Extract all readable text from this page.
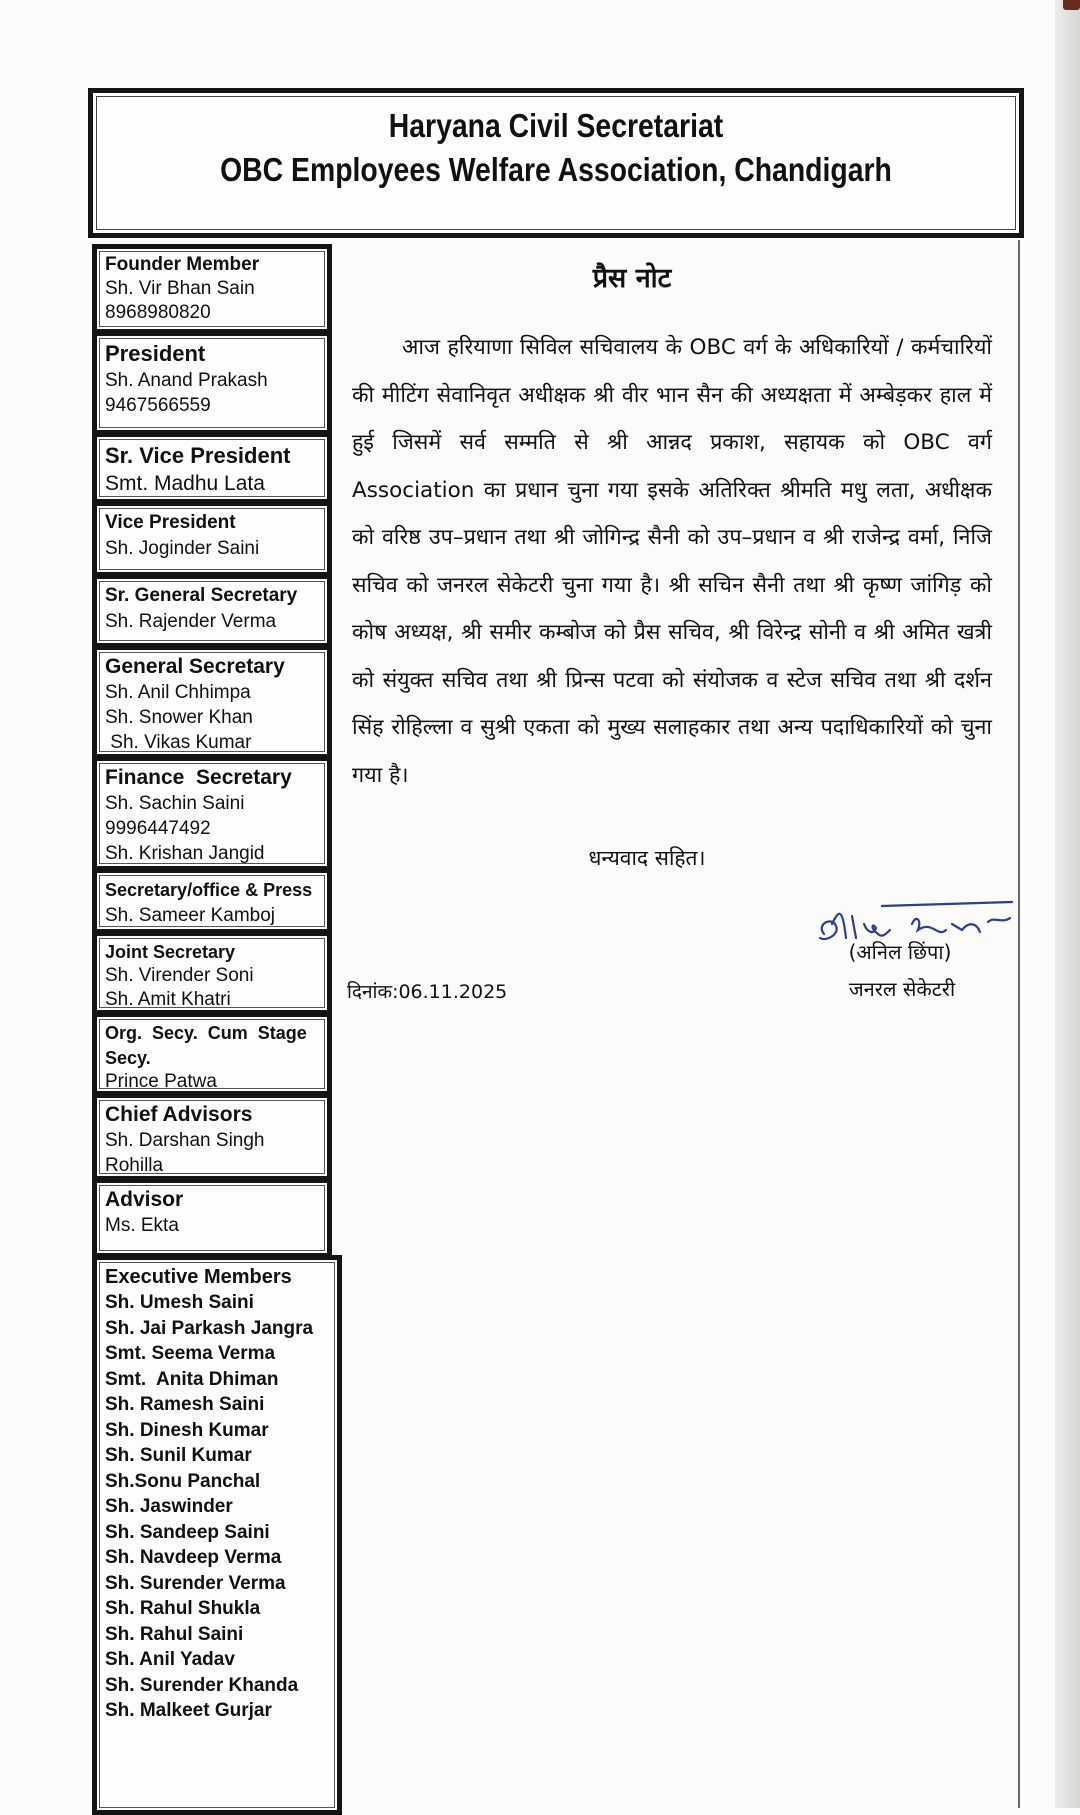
Haryana Civil Secretariat
OBC Employees Welfare Association, Chandigarh
Founder Member
Sh. Vir Bhan Sain
8968980820
President
Sh. Anand Prakash
9467566559
Sr. Vice President
Smt. Madhu Lata
Vice President
Sh. Joginder Saini
Sr. General Secretary
Sh. Rajender Verma
General Secretary
Sh. Anil Chhimpa
Sh. Snower Khan
Sh. Vikas Kumar
Finance  Secretary
Sh. Sachin Saini
9996447492
Sh. Krishan Jangid
Secretary/office & Press
Sh. Sameer Kamboj
Joint Secretary
Sh. Virender Soni
Sh. Amit Khatri
Org.  Secy.  Cum  Stage
Secy.
Prince Patwa
Chief Advisors
Sh. Darshan Singh
Rohilla
Advisor
Ms. Ekta
Executive Members
Sh. Umesh Saini
Sh. Jai Parkash Jangra
Smt. Seema Verma
Smt.  Anita Dhiman
Sh. Ramesh Saini
Sh. Dinesh Kumar
Sh. Sunil Kumar
Sh.Sonu Panchal
Sh. Jaswinder
Sh. Sandeep Saini
Sh. Navdeep Verma
Sh. Surender Verma
Sh. Rahul Shukla
Sh. Rahul Saini
Sh. Anil Yadav
Sh. Surender Khanda
Sh. Malkeet Gurjar
प्रैस नोट

आज हरियाणा सिविल सचिवालय के OBC वर्ग के अधिकारियों / कर्मचारियों की मीटिंग सेवानिवृत अधीक्षक श्री वीर भान सैन की अध्यक्षता में अम्बेड़कर हाल में हुई जिसमें सर्व सम्मति से श्री आन्नद प्रकाश, सहायक को OBC वर्ग Association का प्रधान चुना गया इसके अतिरिक्त श्रीमति मधु लता, अधीक्षक को वरिष्ठ उप–प्रधान तथा श्री जोगिन्द्र सैनी को उप–प्रधान व श्री राजेन्द्र वर्मा, निजि सचिव को जनरल सेकेटरी चुना गया है। श्री सचिन सैनी तथा श्री कृष्ण जांगिड़ को कोष अध्यक्ष, श्री समीर कम्बोज को प्रैस सचिव, श्री विरेन्द्र सोनी व श्री अमित खत्री को संयुक्त सचिव तथा श्री प्रिन्स पटवा को संयोजक व स्टेज सचिव तथा श्री दर्शन सिंह रोहिल्ला व सुश्री एकता को मुख्य सलाहकार तथा अन्य पदाधिकारियों को चुना गया है।

धन्यवाद सहित।
(अनिल छिंपा)
दिनांक:06.11.2025	जनरल सेकेटरी
